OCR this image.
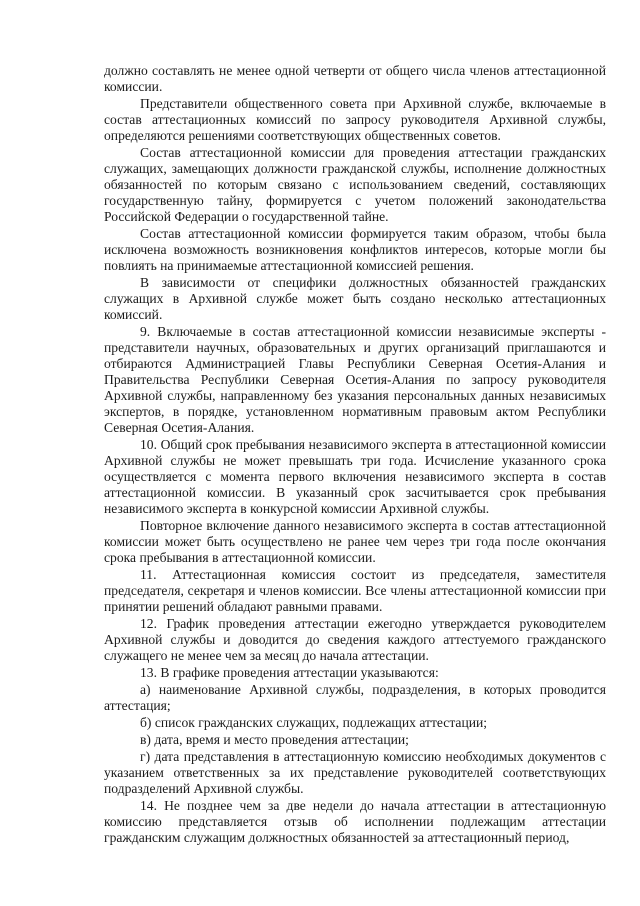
должно составлять не менее одной четверти от общего числа членов аттестационной комиссии.

Представители общественного совета при Архивной службе, включаемые в состав аттестационных комиссий по запросу руководителя Архивной службы, определяются решениями соответствующих общественных советов.

Состав аттестационной комиссии для проведения аттестации гражданских служащих, замещающих должности гражданской службы, исполнение должностных обязанностей по которым связано с использованием сведений, составляющих государственную тайну, формируется с учетом положений законодательства Российской Федерации о государственной тайне.

Состав аттестационной комиссии формируется таким образом, чтобы была исключена возможность возникновения конфликтов интересов, которые могли бы повлиять на принимаемые аттестационной комиссией решения.

В зависимости от специфики должностных обязанностей гражданских служащих в Архивной службе может быть создано несколько аттестационных комиссий.

9. Включаемые в состав аттестационной комиссии независимые эксперты - представители научных, образовательных и других организаций приглашаются и отбираются Администрацией Главы Республики Северная Осетия-Алания и Правительства Республики Северная Осетия-Алания по запросу руководителя Архивной службы, направленному без указания персональных данных независимых экспертов, в порядке, установленном нормативным правовым актом Республики Северная Осетия-Алания.

10. Общий срок пребывания независимого эксперта в аттестационной комиссии Архивной службы не может превышать три года. Исчисление указанного срока осуществляется с момента первого включения независимого эксперта в состав аттестационной комиссии. В указанный срок засчитывается срок пребывания независимого эксперта в конкурсной комиссии Архивной службы.

Повторное включение данного независимого эксперта в состав аттестационной комиссии может быть осуществлено не ранее чем через три года после окончания срока пребывания в аттестационной комиссии.

11. Аттестационная комиссия состоит из председателя, заместителя председателя, секретаря и членов комиссии. Все члены аттестационной комиссии при принятии решений обладают равными правами.

12. График проведения аттестации ежегодно утверждается руководителем Архивной службы и доводится до сведения каждого аттестуемого гражданского служащего не менее чем за месяц до начала аттестации.

13. В графике проведения аттестации указываются:

а) наименование Архивной службы, подразделения, в которых проводится аттестация;

б) список гражданских служащих, подлежащих аттестации;

в) дата, время и место проведения аттестации;

г) дата представления в аттестационную комиссию необходимых документов с указанием ответственных за их представление руководителей соответствующих подразделений Архивной службы.

14. Не позднее чем за две недели до начала аттестации в аттестационную комиссию представляется отзыв об исполнении подлежащим аттестации гражданским служащим должностных обязанностей за аттестационный период,
